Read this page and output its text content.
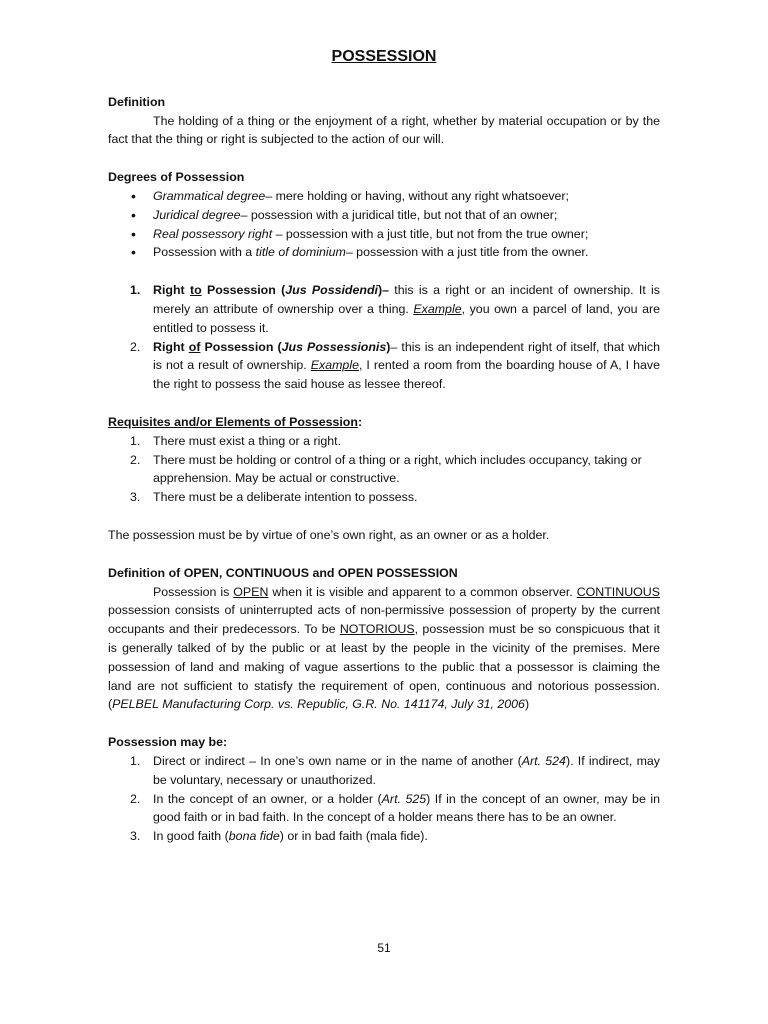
POSSESSION
Definition

The holding of a thing or the enjoyment of a right, whether by material occupation or by the fact that the thing or right is subjected to the action of our will.

Degrees of Possession
• Grammatical degree– mere holding or having, without any right whatsoever;
• Juridical degree– possession with a juridical title, but not that of an owner;
• Real possessory right – possession with a just title, but not from the true owner;
• Possession with a title of dominium– possession with a just title from the owner.
1. Right to Possession (Jus Possidendi)– this is a right or an incident of ownership. It is merely an attribute of ownership over a thing. Example, you own a parcel of land, you are entitled to possess it.
2. Right of Possession (Jus Possessionis)– this is an independent right of itself, that which is not a result of ownership. Example, I rented a room from the boarding house of A, I have the right to possess the said house as lessee thereof.
Requisites and/or Elements of Possession:
1. There must exist a thing or a right.
2. There must be holding or control of a thing or a right, which includes occupancy, taking or apprehension. May be actual or constructive.
3. There must be a deliberate intention to possess.

The possession must be by virtue of one’s own right, as an owner or as a holder.

Definition of OPEN, CONTINUOUS and OPEN POSSESSION

Possession is OPEN when it is visible and apparent to a common observer. CONTINUOUS possession consists of uninterrupted acts of non-permissive possession of property by the current occupants and their predecessors. To be NOTORIOUS, possession must be so conspicuous that it is generally talked of by the public or at least by the people in the vicinity of the premises. Mere possession of land and making of vague assertions to the public that a possessor is claiming the land are not sufficient to statisfy the requirement of open, continuous and notorious possession. (PELBEL Manufacturing Corp. vs. Republic, G.R. No. 141174, July 31, 2006)

Possession may be:
1. Direct or indirect – In one’s own name or in the name of another (Art. 524). If indirect, may be voluntary, necessary or unauthorized.
2. In the concept of an owner, or a holder (Art. 525) If in the concept of an owner, may be in good faith or in bad faith. In the concept of a holder means there has to be an owner.
3. In good faith (bona fide) or in bad faith (mala fide).
51
